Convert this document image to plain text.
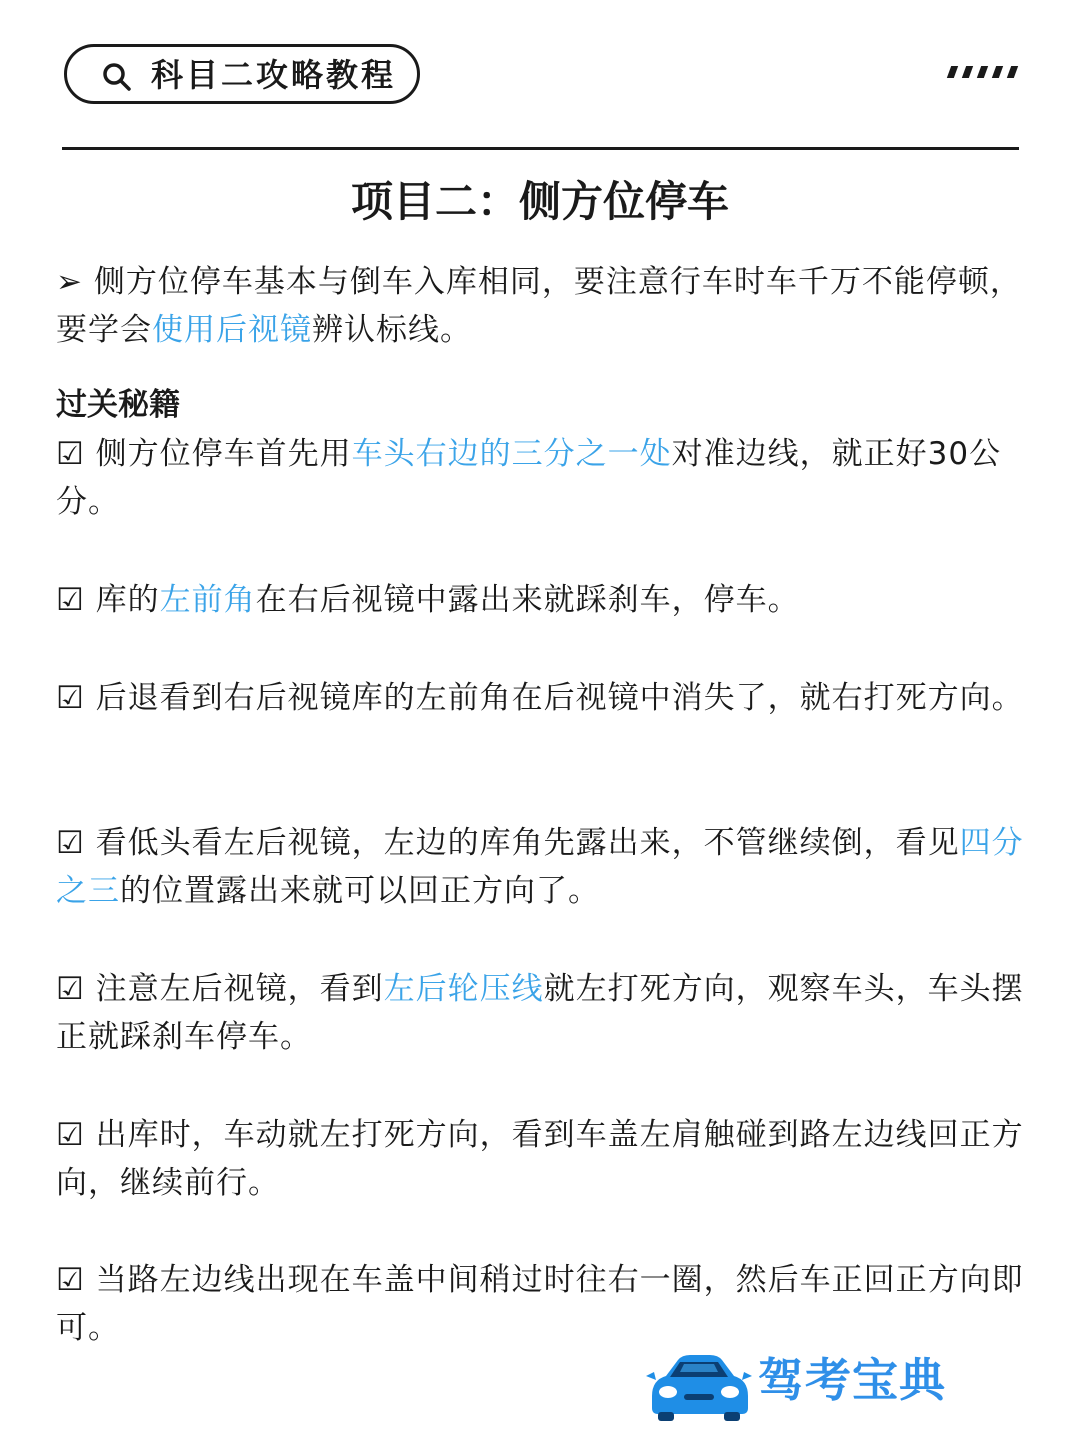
科目二攻略教程
项目二：侧方位停车

➢ 侧方位停车基本与倒车入库相同，要注意行车时车千万不能停顿，要学会使用后视镜辨认标线。

过关秘籍

☑ 侧方位停车首先用车头右边的三分之一处对准边线，就正好30公分。

☑ 库的左前角在右后视镜中露出来就踩刹车，停车。

☑ 后退看到右后视镜库的左前角在后视镜中消失了，就右打死方向。

☑ 看低头看左后视镜，左边的库角先露出来，不管继续倒，看见四分之三的位置露出来就可以回正方向了。

☑ 注意左后视镜，看到左后轮压线就左打死方向，观察车头，车头摆正就踩刹车停车。

☑ 出库时，车动就左打死方向，看到车盖左肩触碰到路左边线回正方向，继续前行。

☑ 当路左边线出现在车盖中间稍过时往右一圈，然后车正回正方向即可。

驾考宝典
